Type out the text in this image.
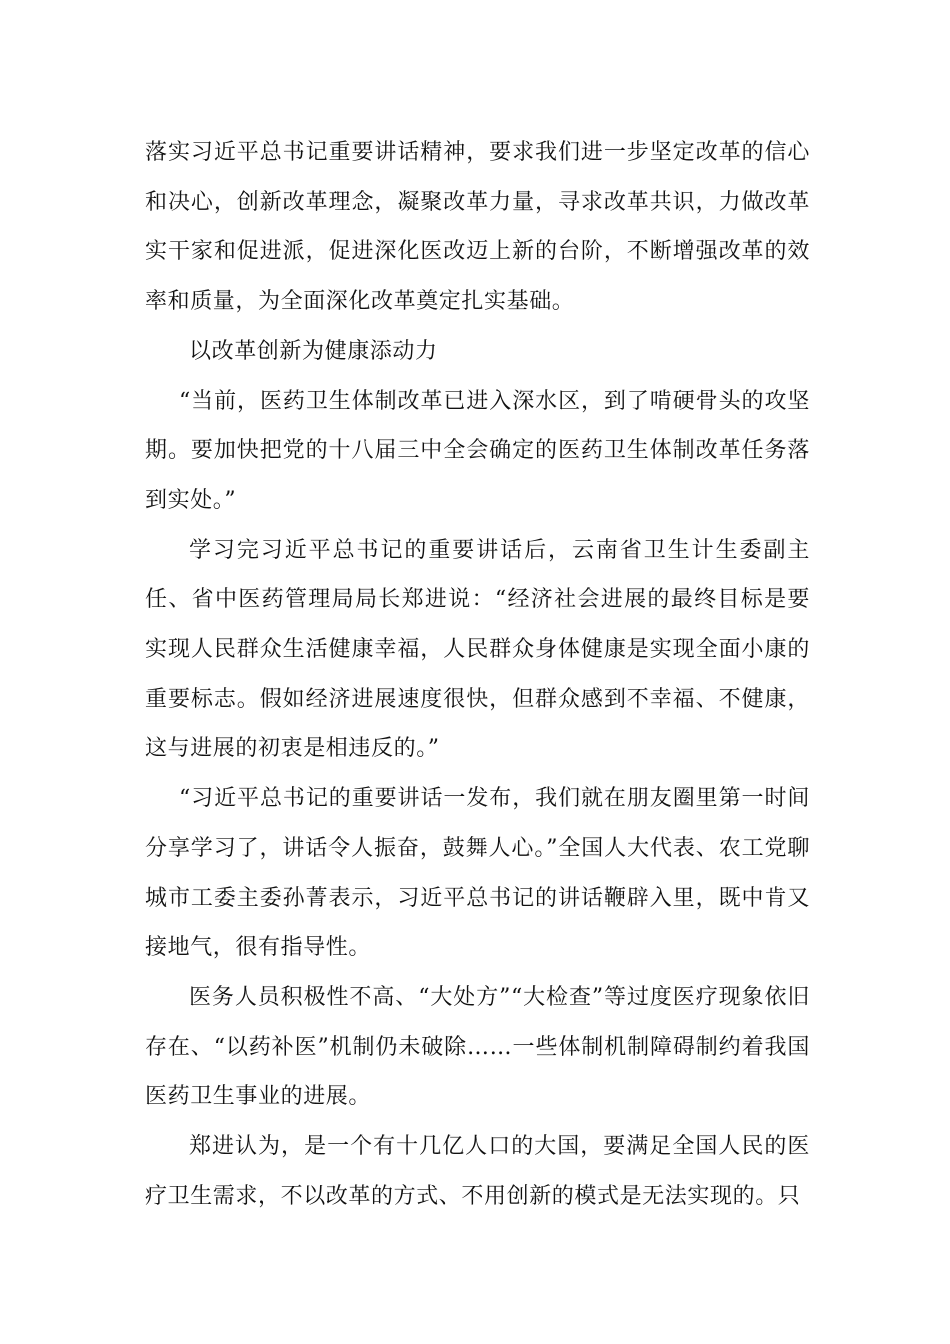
落实习近平总书记重要讲话精神，要求我们进一步坚定改革的信心和决心，创新改革理念，凝聚改革力量，寻求改革共识，力做改革实干家和促进派，促进深化医改迈上新的台阶，不断增强改革的效率和质量，为全面深化改革奠定扎实基础。

以改革创新为健康添动力

“当前，医药卫生体制改革已进入深水区，到了啃硬骨头的攻坚期。要加快把党的十八届三中全会确定的医药卫生体制改革任务落到实处。”

学习完习近平总书记的重要讲话后，云南省卫生计生委副主任、省中医药管理局局长郑进说：“经济社会进展的最终目标是要实现人民群众生活健康幸福，人民群众身体健康是实现全面小康的重要标志。假如经济进展速度很快，但群众感到不幸福、不健康，这与进展的初衷是相违反的。”

“习近平总书记的重要讲话一发布，我们就在朋友圈里第一时间分享学习了，讲话令人振奋，鼓舞人心。”全国人大代表、农工党聊城市工委主委孙菁表示，习近平总书记的讲话鞭辟入里，既中肯又接地气，很有指导性。

医务人员积极性不高、“大处方”“大检查”等过度医疗现象依旧存在、“以药补医”机制仍未破除……一些体制机制障碍制约着我国医药卫生事业的进展。

郑进认为，是一个有十几亿人口的大国，要满足全国人民的医疗卫生需求，不以改革的方式、不用创新的模式是无法实现的。只
